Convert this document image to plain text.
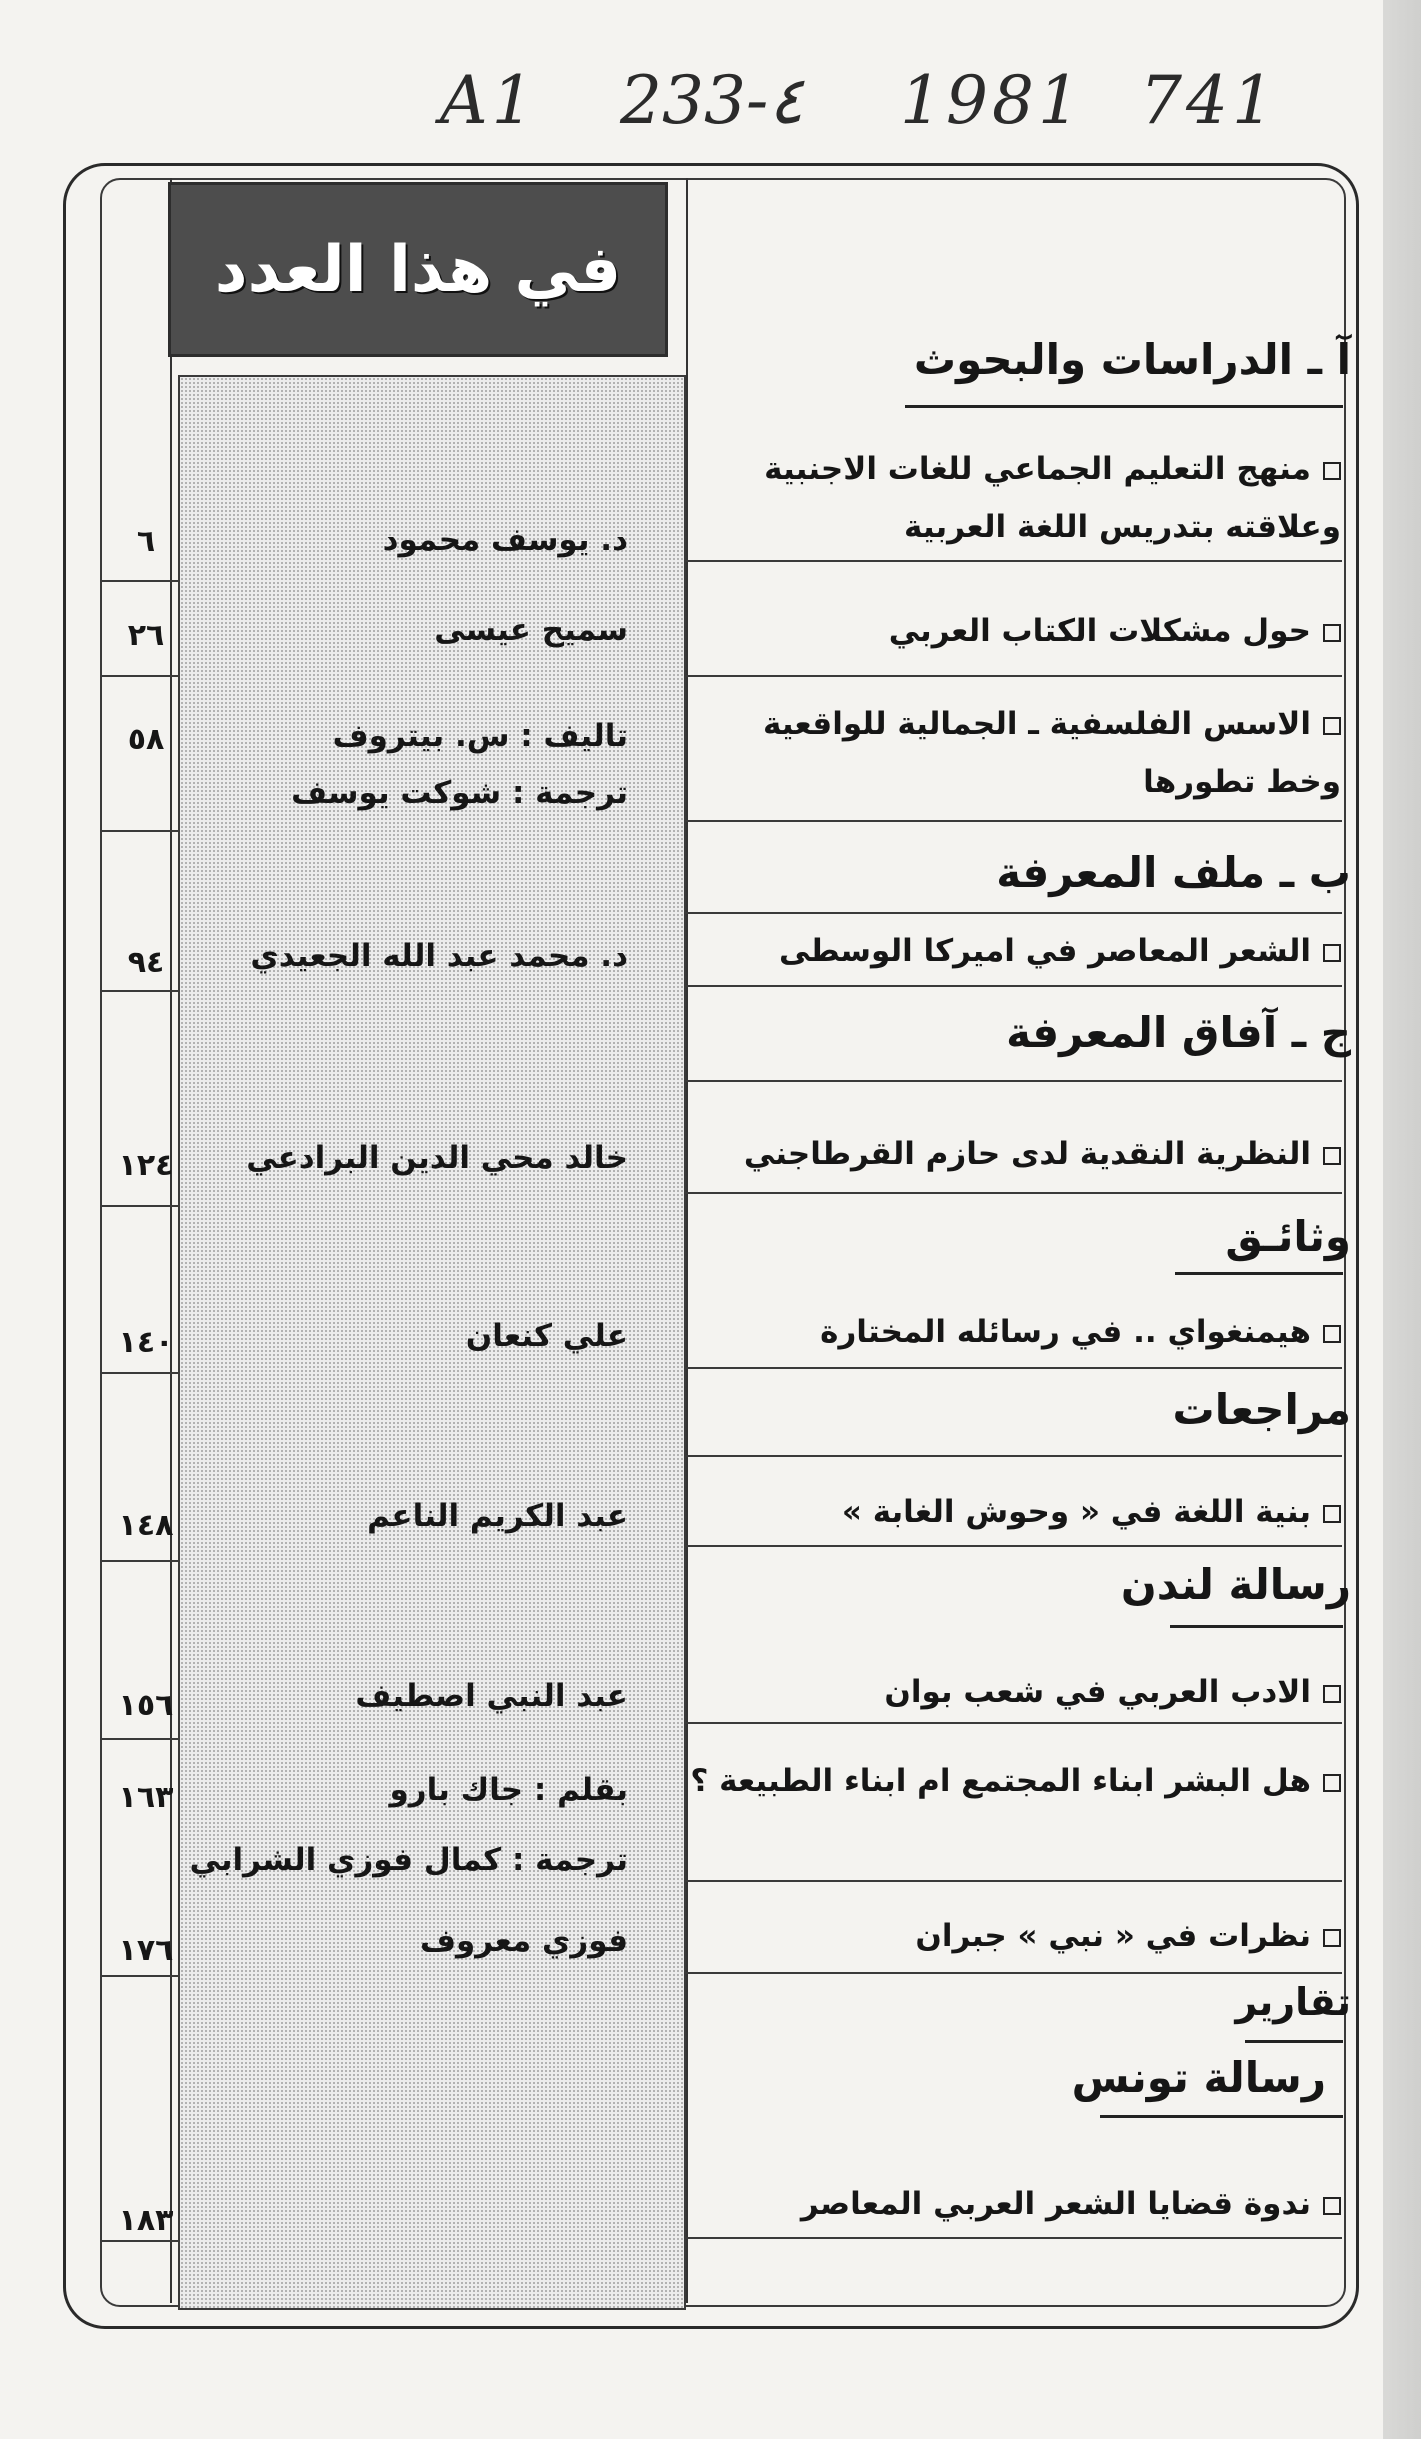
A1 233-٤ 1981 741
في هذا العدد
آ ـ الدراسات والبحوث
منهج التعليم الجماعي للغات الاجنبية
وعلاقته بتدريس اللغة العربية
د. يوسف محمود
٦
حول مشكلات الكتاب العربي
سميح عيسى
٢٦
الاسس الفلسفية ـ الجمالية للواقعية
وخط تطورها
تاليف : س. بيتروف
ترجمة : شوكت يوسف
٥٨
ب ـ ملف المعرفة
الشعر المعاصر في اميركا الوسطى
د. محمد عبد الله الجعيدي
٩٤
ج ـ آفاق المعرفة
النظرية النقدية لدى حازم القرطاجني
خالد محي الدين البرادعي
١٢٤
وثائـق
هيمنغواي .. في رسائله المختارة
علي كنعان
١٤٠
مراجعات
بنية اللغة في « وحوش الغابة »
عبد الكريم الناعم
١٤٨
رسالة لندن
الادب العربي في شعب بوان
عبد النبي اصطيف
١٥٦
هل البشر ابناء المجتمع ام ابناء الطبيعة ؟
بقلم : جاك بارو
ترجمة : كمال فوزي الشرابي
١٦٣
نظرات في « نبي » جبران
فوزي معروف
١٧٦
تقارير
رسالة تونس
ندوة قضايا الشعر العربي المعاصر
١٨٣
